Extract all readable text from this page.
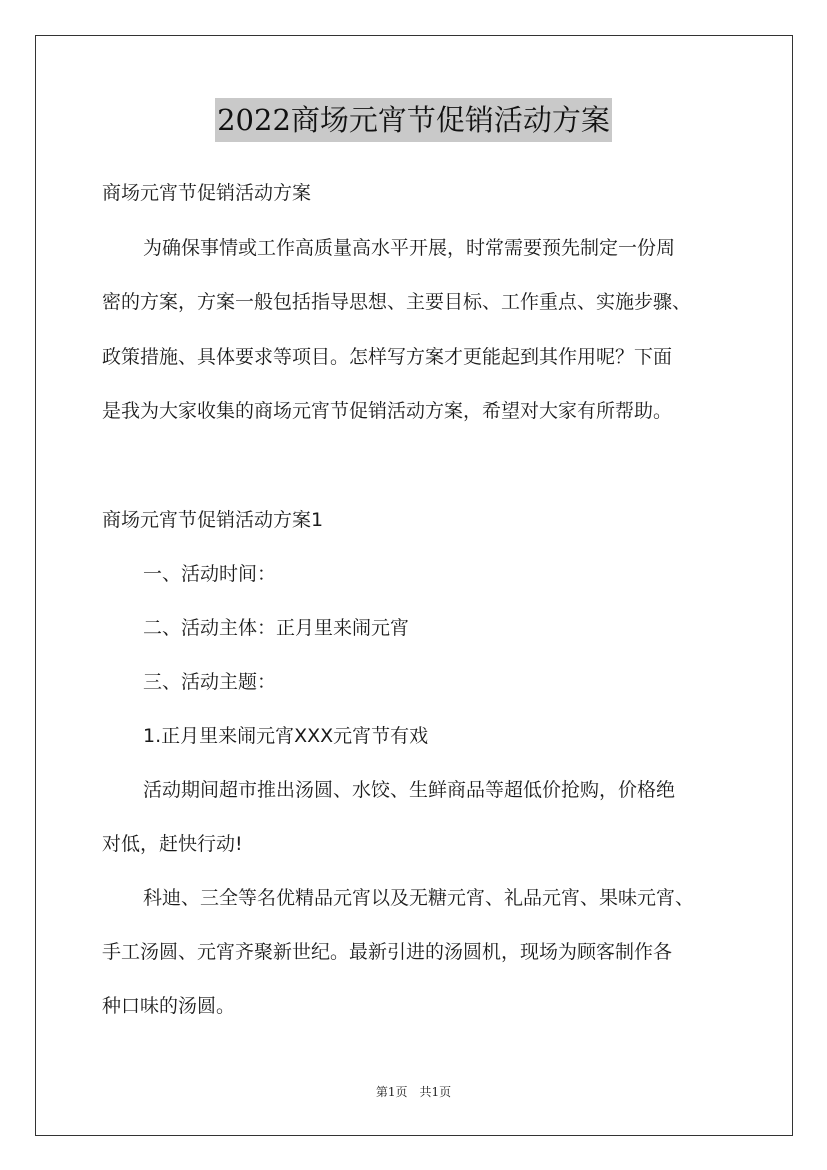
2022商场元宵节促销活动方案
商场元宵节促销活动方案
为确保事情或工作高质量高水平开展，时常需要预先制定一份周
密的方案，方案一般包括指导思想、主要目标、工作重点、实施步骤、
政策措施、具体要求等项目。怎样写方案才更能起到其作用呢？下面
是我为大家收集的商场元宵节促销活动方案，希望对大家有所帮助。
商场元宵节促销活动方案1
一、活动时间：
二、活动主体：正月里来闹元宵
三、活动主题：
1.正月里来闹元宵XXX元宵节有戏
活动期间超市推出汤圆、水饺、生鲜商品等超低价抢购，价格绝
对低，赶快行动!
科迪、三全等名优精品元宵以及无糖元宵、礼品元宵、果味元宵、
手工汤圆、元宵齐聚新世纪。最新引进的汤圆机，现场为顾客制作各
种口味的汤圆。
第1页 共1页
